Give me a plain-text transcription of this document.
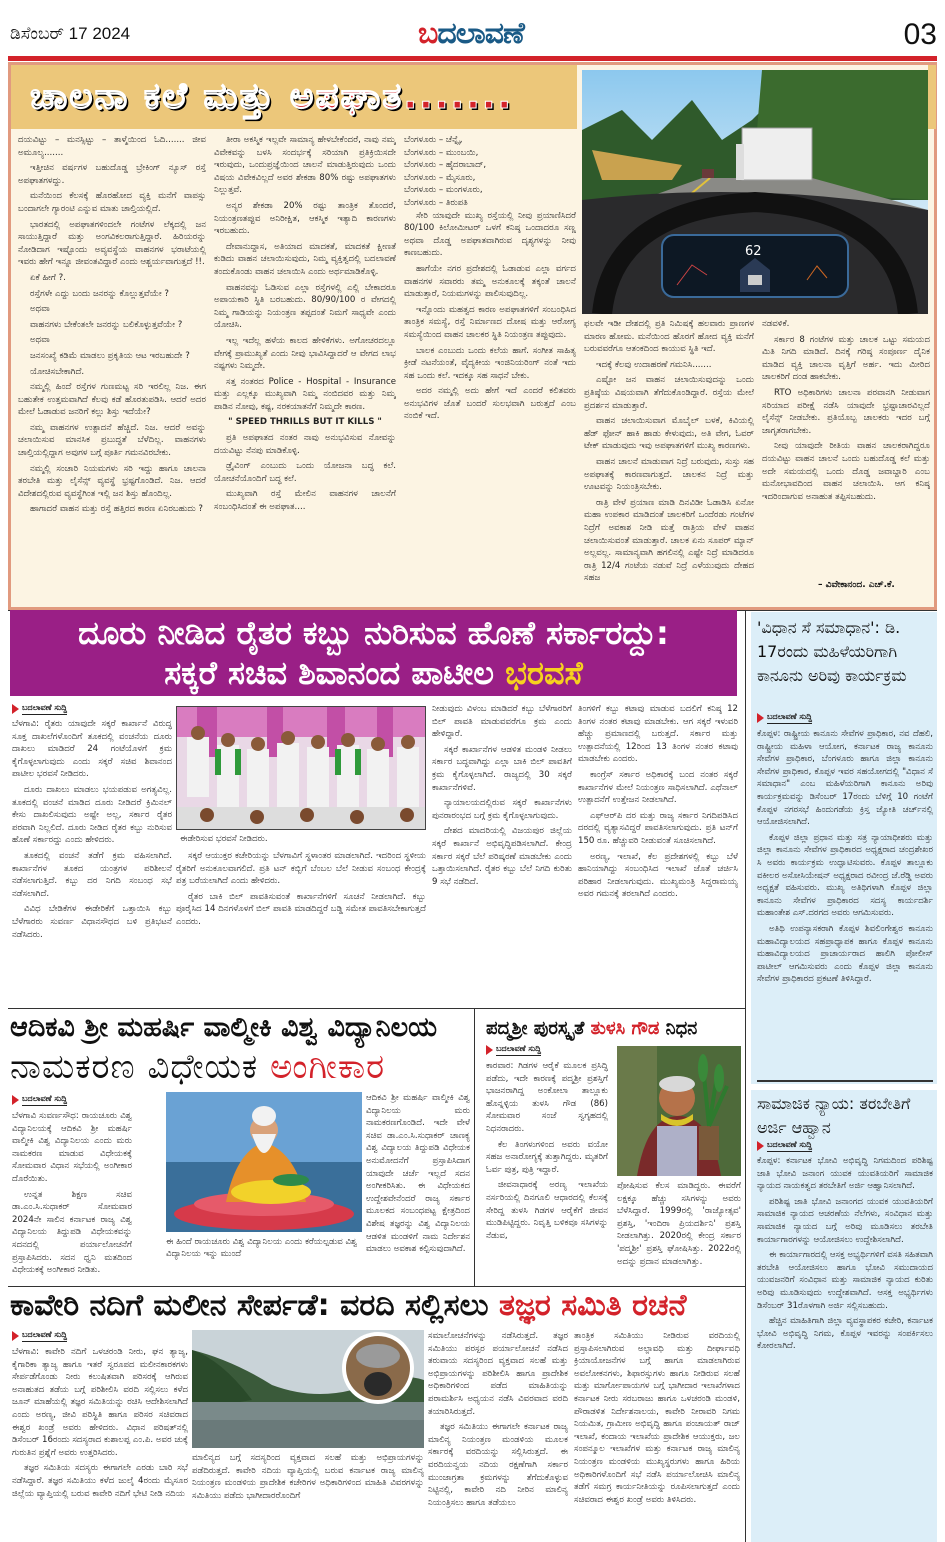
ಡಿಸೆಂಬರ್ 17 2024	ಬದಲಾವಣೆ	03
ಚಾಲನಾ ಕಲೆ ಮತ್ತು ಅಪಘಾತ.......
62

ದಯವಿಟ್ಟು – ಮನಸ್ಸಿಟ್ಟು – ತಾಳ್ಮೆಯಿಂದ ಓದಿ....... ಜೀವ ಅಮೂಲ್ಯ.......

ಇತ್ತೀಚಿನ ವರ್ಷಗಳ ಬಹುದೊಡ್ಡ ಬ್ರೇಕಿಂಗ್ ನ್ಯೂಸ್ ರಸ್ತೆ ಅಪಘಾತಗಳದ್ದು.

ಮನೆಯಿಂದ ಕೆಲಸಕ್ಕೆ ಹೊರಹೋದ ವ್ಯಕ್ತಿ ಮನೆಗೆ ವಾಪಸ್ಸು ಬಂದಾಗಲೇ ಗ್ಯಾರಂಟಿ ಎನ್ನುವ ಮಾತು ಚಾಲ್ತಿಯಲ್ಲಿದೆ.

ಭಾರತದಲ್ಲಿ ಅಪಘಾತಗಳಿಂದಲೇ ಗಂಟೆಗಳ ಲೆಕ್ಕದಲ್ಲಿ ಜನ ಸಾಯುತ್ತಿದ್ದಾರೆ ಮತ್ತು ಅಂಗವಿಕಲರಾಗುತ್ತಿದ್ದಾರೆ. ಹಿರಿಯರನ್ನು ನೋಡಿದಾಗ ಇಷ್ಟೊಂದು ಅವ್ಯವಸ್ಥೆಯ ವಾಹನಗಳ ಭರಾಟೆಯಲ್ಲಿ ಇವರು ಹೇಗೆ ಇನ್ನೂ ಜೀವಂತವಿದ್ದಾರೆ ಎಂದು ಆಶ್ಚರ್ಯವಾಗುತ್ತದೆ !!.

ಏಕೆ ಹೀಗೆ ?.

ರಸ್ತೆಗಳೇ ಎದ್ದು ಬಂದು ಜನರನ್ನು ಕೊಲ್ಲುತ್ತವೆಯೇ ?

ಅಥವಾ

ವಾಹನಗಳು ಬೇಕೆಂತಲೇ ಜನರನ್ನು ಬಲಿಕೊಳ್ಳುತ್ತವೆಯೇ ?

ಅಥವಾ

ಜನಸಂಖ್ಯೆ ಕಡಿಮೆ ಮಾಡಲು ಪ್ರಕೃತಿಯ ಆಟ ಇರಬಹುದೇ ?

ಯೋಚಿಸಬೇಕಾಗಿದೆ.

ನಮ್ಮಲ್ಲಿ ಹಿಂದೆ ರಸ್ತೆಗಳ ಗುಣಮಟ್ಟ ಸರಿ ಇರಲಿಲ್ಲ ನಿಜ. ಈಗ ಬಹುತೇಕ ಉತ್ತಮವಾಗಿದೆ ಕೆಲವು ಕಡೆ ಹೊರತುಪಡಿಸಿ. ಆದರೆ ಅದರ ಮೇಲೆ ಓಡಾಡುವ ಜನರಿಗೆ ಕಲ್ಲು ಶಿಸ್ತು ಇದೆಯೇ?

ನಮ್ಮ ವಾಹನಗಳ ಉತ್ಪಾದನೆ ಹೆಚ್ಚಿದೆ. ನಿಜ. ಆದರೆ ಅವನ್ನು ಚಲಾಯಿಸುವ ಮಾನಸಿಕ ಪ್ರಬುದ್ಧತೆ ಬೆಳೆದಿಲ್ಲ. ವಾಹನಗಳು ಚಾಲ್ತಿಯಲ್ಲಿದ್ದಾಗ ಅವುಗಳ ಬಗ್ಗೆ ಪೂರ್ತಿ ಗಮನವಿರಬೇಕು.

ನಮ್ಮಲ್ಲಿ ಸಂಚಾರಿ ನಿಯಮಗಳು ಸರಿ ಇದ್ದು ಹಾಗೂ ಚಾಲನಾ ತರಬೇತಿ ಮತ್ತು ಲೈಸೆನ್ಸ್ ವ್ಯವಸ್ಥೆ ಭ್ರಷ್ಟಗೊಂಡಿದೆ. ನಿಜ. ಆದರೆ ವಿದೇಶದಲ್ಲಿರುವ ವ್ಯವಸ್ಥೆಗಿಂತ ಇಲ್ಲಿ ಜನ ಶಿಸ್ತು ಹೊಂದಿಲ್ಲ.

ಹಾಗಾದರೆ ವಾಹನ ಮತ್ತು ರಸ್ತೆ ಹತ್ತಿರದ ಕಾರಣ ಏನಿರಬಹುದು ?

ತೀರಾ ಅಕಸ್ಮಿಕ ಇಲ್ಲವೇ ಸಾಮಾನ್ಯ ಹೇಳಬೇಕೆಂದರೆ, ನಾವು ನಮ್ಮ ವಿವೇಕವನ್ನು ಬಳಸಿ ಸಂದರ್ಭಕ್ಕೆ ಸರಿಯಾಗಿ ಪ್ರತಿಕ್ರಿಯಿಸದೇ ಇರುವುದು, ಒಂದುಪ್ರಜ್ಞೆಯಿಂದ ಚಾಲನೆ ಮಾಡುತ್ತಿರುವುದು ಒಂದು ವಿಷಯ ವಿವೇಕವಿಲ್ಲದೆ ಅವರ ಶೇಕಡಾ 80% ರಷ್ಟು ಅಪಘಾತಗಳು ನಿಲ್ಲುತ್ತವೆ.

ಅನ್ಯರ ಶೇಕಡಾ 20% ರಷ್ಟು ತಾಂತ್ರಿಕ ತೊಂದರೆ, ನಿಯಂತ್ರಣತಪ್ಪುವ ಅನಿರೀಕ್ಷಿತ, ಆಕಸ್ಮಿಕ ಇತ್ಯಾದಿ ಕಾರಣಗಳು ಇರಬಹುದು.

ದೇವಾನುದ್ದಾಸ, ಅತಿಯಾದ ಮಾದಕತೆ, ಮಾದಕತೆ ಕ್ಷೀಣತೆ ಕುಡಿದು ವಾಹನ ಚಲಾಯಿಸುವುದು, ನಿಮ್ಮ ವ್ಯಕ್ತಿತ್ವದಲ್ಲಿ ಬದಲಾವಣೆ ತಂದುಕೊಂಡು ವಾಹನ ಚಲಾಯಿಸಿ ಎಂದು ಅರ್ಥಮಾಡಿಕೊಳ್ಳಿ.

ವಾಹನವನ್ನು ಓಡಿಸುವ ಎಲ್ಲಾ ರಸ್ತೆಗಳಲ್ಲಿ ಎಲ್ಲಿ ಬೇಕಾದರೂ ಅಪಾಯಕಾರಿ ಸ್ಥಿತಿ ಬರಬಹುದು. 80/90/100 ರ ವೇಗದಲ್ಲಿ ನಿಮ್ಮ ಗಾಡಿಯನ್ನು ನಿಯಂತ್ರಣ ತಪ್ಪದಂತೆ ನಿಮಗೆ ಸಾಧ್ಯವೇ ಎಂದು ಯೋಚಿಸಿ.

ಇಲ್ಲ ಇದೆಲ್ಲ ಹಳೆಯ ಕಾಲದ ಹೇಳಿಕೆಗಳು. ಅಗೋಚರದಲ್ಲೂ ವೇಗಕ್ಕೆ ಪ್ರಾಮುಖ್ಯತೆ ಎಂದು ನೀವು ಭಾವಿಸಿದ್ದಾದರೆ ಆ ವೇಗದ ಲಾಭ ನಷ್ಟಗಳು ನಿಮ್ಮದೇ.

ಸತ್ತ ನಂತರದ Police - Hospital - Insurance ಮತ್ತು ಎಲ್ಲಕ್ಕೂ ಮುಖ್ಯವಾಗಿ ನಿಮ್ಮ ನಂಬಿದವರ ಮತ್ತು ನಿಮ್ಮ ಪಾಡಿನ ನೋವು, ಕಷ್ಟ, ನರಕಯಾತನೆಗೆ ನಿಮ್ಮದೇ ಕಾರಣ.

" SPEED THRILLS BUT IT KILLS "

ಪ್ರತಿ ಅಪಘಾತದ ನಂತರ ನಾವು ಅನುಭವಿಸುವ ನೋವನ್ನು ದಯವಿಟ್ಟು ನೆನಪು ಮಾಡಿಕೊಳ್ಳಿ.

ಡ್ರೈವಿಂಗ್ ಎಂಬುದು ಒಂದು ಯೋಜನಾ ಬದ್ಧ ಕಲೆ. ಯೋಚನೆಯೊಂದಿಗೆ ಬದ್ಧ ಕಲೆ.

ಮುಖ್ಯವಾಗಿ ರಸ್ತೆ ಮೇಲಿನ ವಾಹನಗಳ ಚಾಲನೆಗೆ ಸಂಬಂಧಿಸಿದಂತೆ ಈ ಅಪಘಾತ....

ಬೆಂಗಳೂರು – ಚೆನ್ನೈ,

ಬೆಂಗಳೂರು – ಮುಂಬಯಿ,

ಬೆಂಗಳೂರು – ಹೈದರಾಬಾದ್,

ಬೆಂಗಳೂರು – ಮೈಸೂರು,

ಬೆಂಗಳೂರು – ಮಂಗಳೂರು,

ಬೆಂಗಳೂರು – ತಿರುಪತಿ

ಸೇರಿ ಯಾವುದೇ ಮುಖ್ಯ ರಸ್ತೆಯಲ್ಲಿ ನೀವು ಪ್ರಯಾಣಿಸಿದರೆ 80/100 ಕಿಲೋಮೀಟರ್ ಒಳಗೆ ಕನಿಷ್ಠ ಒಂದಾದರೂ ಸಣ್ಣ ಅಥವಾ ದೊಡ್ಡ ಅಪಘಾತವಾಗಿರುವ ದೃಶ್ಯಗಳನ್ನು ನೀವು ಕಾಣಬಹುದು.

ಹಾಗೆಯೇ ನಗರ ಪ್ರದೇಶದಲ್ಲಿ ಓಡಾಡುವ ಎಲ್ಲಾ ವರ್ಗದ ವಾಹನಗಳ ಸವಾರರು ತಮ್ಮ ಅನುಕೂಲಕ್ಕೆ ತಕ್ಕಂತೆ ಚಾಲನೆ ಮಾಡುತ್ತಾರೆ, ನಿಯಮಗಳನ್ನು ಪಾಲಿಸುವುದಿಲ್ಲ.

ಇನ್ನೊಂದು ಮಹತ್ವದ ಕಾರಣ ಅಪಘಾತಗಳಿಗೆ ಸಂಬಂಧಿಸಿದ ತಾಂತ್ರಿಕ ಸಮಸ್ಯೆ, ರಸ್ತೆ ನಿರ್ಮಾಣದ ದೋಷ ಮತ್ತು ಆರೋಗ್ಯ ಸಮಸ್ಯೆಯಿಂದ ವಾಹನ ಚಾಲಕರ ಸ್ಥಿತಿ ನಿಯಂತ್ರಣ ತಪ್ಪುವುದು.

ಬಾಲಕ ಎಂಬುದು ಒಂದು ಕಲೆಯ ಹಾಗೆ. ಸಂಗೀತ ಸಾಹಿತ್ಯ ಕ್ರೀಡೆ ನಟನೆಯಂತೆ, ವೈದ್ಯಕೀಯ ಇಂಜಿನಿಯರಿಂಗ್ ನಂತೆ ಇದು ಸಹ ಒಂದು ಕಲೆ. ಇದಕ್ಕೂ ಸಹ ಸಾಧನೆ ಬೇಕು.

ಅದರ ನಮ್ಮಲ್ಲಿ ಅದು ಹೇಗೆ ಇದೆ ಎಂದರೆ ಕಲಿತವರು ಅನುಭವಿಗಳ ಜೊತೆ ಬಂದರೆ ಸುಲಭವಾಗಿ ಬರುತ್ತದೆ ಎಂಬ ನಂಬಿಕೆ ಇದೆ.

ಫಲವೇ ಇಡೀ ದೇಶದಲ್ಲಿ ಪ್ರತಿ ನಿಮಿಷಕ್ಕೆ ಹಲವಾರು ಪ್ರಾಣಗಳ ಮಾರಣ ಹೋಮ. ಮನೆಯಿಂದ ಹೊರಗೆ ಹೋದ ವ್ಯಕ್ತಿ ಮನೆಗೆ ಬರುವವರೆಗೂ ಆತಂಕದಿಂದ ಕಾಯುವ ಸ್ಥಿತಿ ಇದೆ.

ಇದಕ್ಕೆ ಕೆಲವು ಉದಾಹರಣೆ ಗಮನಿಸಿ.......

ಎಷ್ಟೋ ಜನ ವಾಹನ ಚಲಾಯಿಸುವುದನ್ನು ಒಂದು ಪ್ರತಿಷ್ಠೆಯ ವಿಷಯವಾಗಿ ತೆಗೆದುಕೊಂಡಿದ್ದಾರೆ. ರಸ್ತೆಯ ಮೇಲೆ ಪ್ರದರ್ಶನ ಮಾಡುತ್ತಾರೆ.

ವಾಹನ ಚಲಾಯಿಸುವಾಗ ಮೊಬೈಲ್ ಬಳಕೆ, ಕಿವಿಯಲ್ಲಿ ಹೆಡ್ ಫೋನ್ ಹಾಕಿ ಹಾಡು ಕೇಳುವುದು, ಅತಿ ವೇಗ, ಓವರ್ ಟೇಕ್ ಮಾಡುವುದು ಇವು ಅಪಘಾತಗಳಿಗೆ ಮುಖ್ಯ ಕಾರಣಗಳು.

ವಾಹನ ಚಾಲನೆ ಮಾಡುವಾಗ ನಿದ್ರೆ ಬರುವುದು, ಸುಸ್ತು ಸಹ ಅಪಘಾತಕ್ಕೆ ಕಾರಣವಾಗುತ್ತದೆ. ಚಾಲಕನ ನಿದ್ರೆ ಮತ್ತು ಊಟವನ್ನು ನಿಯಂತ್ರಿಸಬೇಕು.

ರಾತ್ರಿ ವೇಳೆ ಪ್ರಯಾಣ ಮಾಡಿ ದಿನವಿಡೀ ಓಡಾಡಿಸಿ ಏನೋ ಮಹಾ ಉಪಕಾರ ಮಾಡಿದಂತೆ ಚಾಲಕರಿಗೆ ಒಂದೆರಡು ಗಂಟೆಗಳ ನಿದ್ರೆಗೆ ಅವಕಾಶ ನೀಡಿ ಮತ್ತೆ ರಾತ್ರಿಯ ವೇಳೆ ವಾಹನ ಚಲಾಯಿಸುವಂತೆ ಮಾಡುತ್ತಾರೆ. ಚಾಲಕ ಏನು ಸೂಪರ್ ಮ್ಯಾನ್ ಅಲ್ಲವಲ್ಲ. ಸಾಮಾನ್ಯವಾಗಿ ಹಗಲಿನಲ್ಲಿ ಎಷ್ಟೇ ನಿದ್ರೆ ಮಾಡಿದರೂ ರಾತ್ರಿ 12/4 ಗಂಟೆಯ ನಡುವೆ ನಿದ್ರೆ ಎಳೆಯುವುದು ದೇಹದ ಸಹಜ

ನಡವಳಿಕೆ.

ಸರ್ಕಾರ 8 ಗಂಟೆಗಳ ಮತ್ತು ಚಾಲಕ ಒಟ್ಟು ಸಮಯದ ಮಿತಿ ನಿಗದಿ ಮಾಡಿದೆ. ದಿನಕ್ಕೆ ಗರಿಷ್ಠ ಸಂಪೂರ್ಣ ದೈನಿಕ ಮಾಡಿದ ವ್ಯಕ್ತಿ ಚಾಲನಾ ವೃತ್ತಿಗೆ ಅರ್ಹ. ಇದು ಮೀರಿದ ಚಾಲಕರಿಗೆ ದಂಡ ಹಾಕಬೇಕು.

RTO ಅಧಿಕಾರಿಗಳು ಚಾಲನಾ ಪರವಾನಗಿ ನೀಡುವಾಗ ಸರಿಯಾದ ಪರೀಕ್ಷೆ ನಡೆಸಿ ಯಾವುದೇ ಭ್ರಷ್ಟಾಚಾರವಿಲ್ಲದೆ ಲೈಸೆನ್ಸ್ ನೀಡಬೇಕು. ಪ್ರತಿಯೊಬ್ಬ ಚಾಲಕರು ಇದರ ಬಗ್ಗೆ ಜಾಗೃತರಾಗಬೇಕು.

ನೀವು ಯಾವುದೇ ರೀತಿಯ ವಾಹನ ಚಾಲಕರಾಗಿದ್ದರೂ ದಯವಿಟ್ಟು ವಾಹನ ಚಾಲನೆ ಒಂದು ಬಹುದೊಡ್ಡ ಕಲೆ ಮತ್ತು ಅದೇ ಸಮಯದಲ್ಲಿ ಒಂದು ದೊಡ್ಡ ಜವಾಬ್ದಾರಿ ಎಂಬ ಮನೋಭಾವದಿಂದ ವಾಹನ ಚಲಾಯಿಸಿ. ಆಗ ಕನಿಷ್ಠ ಇದರಿಂದಾಗುವ ಅನಾಹುತ ತಪ್ಪಿಸಬಹುದು.

– ವಿವೇಕಾನಂದ. ಎಚ್.ಕೆ.
ದೂರು ನೀಡಿದ ರೈತರ ಕಬ್ಬು ನುರಿಸುವ ಹೊಣೆ ಸರ್ಕಾರದ್ದು:
ಸಕ್ಕರೆ ಸಚಿವ ಶಿವಾನಂದ ಪಾಟೀಲ ಭರವಸೆ
ಬದಲಾವಣೆ ಸುದ್ದಿ

ಬೆಳಗಾವಿ: ರೈತರು ಯಾವುದೇ ಸಕ್ಕರೆ ಕಾರ್ಖಾನೆ ವಿರುದ್ಧ ಸೂಕ್ತ ದಾಖಲೆಗಳೊಂದಿಗೆ ತೂಕದಲ್ಲಿ ವಂಚನೆಯ ದೂರು ದಾಖಲು ಮಾಡಿದರೆ 24 ಗಂಟೆಯೊಳಗೆ ಕ್ರಮ ಕೈಗೊಳ್ಳಲಾಗುವುದು ಎಂದು ಸಕ್ಕರೆ ಸಚಿವ ಶಿವಾನಂದ ಪಾಟೀಲ ಭರವಸೆ ನೀಡಿದರು.

ದೂರು ದಾಖಲು ಮಾಡಲು ಭಯಪಡುವ ಅಗತ್ಯವಿಲ್ಲ. ತೂಕದಲ್ಲಿ ವಂಚನೆ ಮಾಡಿದ ದೂರು ನೀಡಿದರೆ ಕ್ರಿಮಿನಲ್ ಕೇಸು ದಾಖಲಿಸುವುದು ಅಷ್ಟೇ ಅಲ್ಲ, ಸರ್ಕಾರ ರೈತರ ಪರವಾಗಿ ನಿಲ್ಲಲಿದೆ. ದೂರು ನೀಡಿದ ರೈತರ ಕಬ್ಬು ನುರಿಸುವ ಹೊಣೆ ಸರ್ಕಾರದ್ದು ಎಂದು ಹೇಳಿದರು.

ತೂಕದಲ್ಲಿ ವಂಚನೆ ತಡೆಗೆ ಕ್ರಮ ವಹಿಸಲಾಗಿದೆ. ಕಾರ್ಖಾನೆಗಳ ತೂಕದ ಯಂತ್ರಗಳ ಪರಿಶೀಲನೆ ನಡೆಸಲಾಗುತ್ತಿದೆ. ಕಬ್ಬು ದರ ನಿಗದಿ ಸಂಬಂಧ ಸಭೆ ನಡೆಸಲಾಗಿದೆ.

ವಿವಿಧ ಬೇಡಿಕೆಗಳ ಈಡೇರಿಕೆಗೆ ಒತ್ತಾಯಿಸಿ ಕಬ್ಬು ಬೆಳೆಗಾರರು ಸುವರ್ಣ ವಿಧಾನಸೌಧದ ಬಳಿ ಪ್ರತಿಭಟನೆ ನಡೆಸಿದರು.

ಈಡೇರಿಸುವ ಭರವಸೆ ನೀಡಿದರು.

ಸಕ್ಕರೆ ಆಯುಕ್ತರ ಕಚೇರಿಯನ್ನು ಬೆಳಗಾವಿಗೆ ಸ್ಥಳಾಂತರ ಮಾಡಲಾಗಿದೆ. ಇದರಿಂದ ಸ್ಥಳೀಯ ರೈತರಿಗೆ ಅನುಕೂಲವಾಗಲಿದೆ. ಪ್ರತಿ ಟನ್ ಕಬ್ಬಿಗೆ ಬೆಂಬಲ ಬೆಲೆ ನೀಡುವ ಸಂಬಂಧ ಕೇಂದ್ರಕ್ಕೆ ಪತ್ರ ಬರೆಯಲಾಗಿದೆ ಎಂದು ಹೇಳಿದರು.

ರೈತರ ಬಾಕಿ ಬಿಲ್ ಪಾವತಿಸುವಂತೆ ಕಾರ್ಖಾನೆಗಳಿಗೆ ಸೂಚನೆ ನೀಡಲಾಗಿದೆ. ಕಬ್ಬು ಪೂರೈಸಿದ 14 ದಿನಗಳೊಳಗೆ ಬಿಲ್ ಪಾವತಿ ಮಾಡದಿದ್ದರೆ ಬಡ್ಡಿ ಸಮೇತ ಪಾವತಿಸಬೇಕಾಗುತ್ತದೆ ಎಂದರು.

ನೀಡುವುದು ವಿಳಂಬ ಮಾಡಿದರೆ ಕಬ್ಬು ಬೆಳೆಗಾರರಿಗೆ ಬಿಲ್ ಪಾವತಿ ಮಾಡುವವರೆಗೂ ಕ್ರಮ ಎಂದು ಹೇಳಿದ್ದಾರೆ.

ಸಕ್ಕರೆ ಕಾರ್ಖಾನೆಗಳ ಆಡಳಿತ ಮಂಡಳಿ ನೀಡಲು ಸರ್ಕಾರ ಬದ್ಧವಾಗಿದ್ದು ಎಲ್ಲಾ ಬಾಕಿ ಬಿಲ್ ಪಾವತಿಗೆ ಕ್ರಮ ಕೈಗೊಳ್ಳಲಾಗಿದೆ. ರಾಜ್ಯದಲ್ಲಿ 30 ಸಕ್ಕರೆ ಕಾರ್ಖಾನೆಗಳಿವೆ.

ನ್ಯಾಯಾಲಯದಲ್ಲಿರುವ ಸಕ್ಕರೆ ಕಾರ್ಖಾನೆಗಳು ಪುನರಾರಂಭದ ಬಗ್ಗೆ ಕ್ರಮ ಕೈಗೊಳ್ಳಲಾಗುವುದು.

ದೇಶದ ಮಾದರಿಯಲ್ಲಿ ವಿಜಯಪುರ ಜಿಲ್ಲೆಯ ಸಕ್ಕರೆ ಕಾರ್ಖಾನೆ ಅಭಿವೃದ್ಧಿಪಡಿಸಲಾಗಿದೆ. ಕೇಂದ್ರ ಸರ್ಕಾರ ಸಕ್ಕರೆ ಬೆಲೆ ಪರಿಷ್ಕರಣೆ ಮಾಡಬೇಕು ಎಂದು ಒತ್ತಾಯಿಸಲಾಗಿದೆ. ರೈತರ ಕಬ್ಬು ಬೆಲೆ ನಿಗದಿ ಕುರಿತು 9 ಸಭೆ ನಡೆದಿದೆ.

ತಿಂಗಳಿಗೆ ಕಬ್ಬು ಕಟಾವು ಮಾಡುವ ಬದಲಿಗೆ ಕನಿಷ್ಠ 12 ತಿಂಗಳ ನಂತರ ಕಟಾವು ಮಾಡಬೇಕು. ಆಗ ಸಕ್ಕರೆ ಇಳುವರಿ ಹೆಚ್ಚು ಪ್ರಮಾಣದಲ್ಲಿ ಬರುತ್ತದೆ. ಸರ್ಕಾರ ಮತ್ತು ಉತ್ಪಾದನೆಯಲ್ಲಿ 12ರಿಂದ 13 ತಿಂಗಳ ನಂತರ ಕಟಾವು ಮಾಡಬೇಕು ಎಂದರು.

ಕಾಂಗ್ರೆಸ್ ಸರ್ಕಾರ ಅಧಿಕಾರಕ್ಕೆ ಬಂದ ನಂತರ ಸಕ್ಕರೆ ಕಾರ್ಖಾನೆಗಳ ಮೇಲೆ ನಿಯಂತ್ರಣ ಸಾಧಿಸಲಾಗಿದೆ. ಎಥೆನಾಲ್ ಉತ್ಪಾದನೆಗೆ ಉತ್ತೇಜನ ನೀಡಲಾಗಿದೆ.

ಎಫ್‌ಆರ್‌ಪಿ ದರ ಮತ್ತು ರಾಜ್ಯ ಸರ್ಕಾರ ನಿಗದಿಪಡಿಸಿದ ದರದಲ್ಲಿ ವ್ಯತ್ಯಾಸವಿದ್ದರೆ ಪಾವತಿಸಲಾಗುವುದು. ಪ್ರತಿ ಟನ್‌ಗೆ 150 ರೂ. ಹೆಚ್ಚುವರಿ ನೀಡುವಂತೆ ಸೂಚಿಸಲಾಗಿದೆ.

ಅರಣ್ಯ, ಇಲಾಖೆ, ಕೆಲ ಪ್ರದೇಶಗಳಲ್ಲಿ ಕಬ್ಬು ಬೆಳೆ ಹಾನಿಯಾಗಿದ್ದು ಸಂಬಂಧಿಸಿದ ಇಲಾಖೆ ಜೊತೆ ಚರ್ಚಿಸಿ ಪರಿಹಾರ ನೀಡಲಾಗುವುದು. ಮುಖ್ಯಮಂತ್ರಿ ಸಿದ್ದರಾಮಯ್ಯ ಅವರ ಗಮನಕ್ಕೆ ತರಲಾಗಿದೆ ಎಂದರು.

'ವಿಧಾನ ಸೆ ಸಮಾಧಾನ': ಡಿ. 17ರಂದು ಮಹಿಳೆಯರಿಗಾಗಿ ಕಾನೂನು ಅರಿವು ಕಾರ್ಯಕ್ರಮ
ಬದಲಾವಣೆ ಸುದ್ದಿ

ಕೊಪ್ಪಳ: ರಾಷ್ಟ್ರೀಯ ಕಾನೂನು ಸೇವೆಗಳ ಪ್ರಾಧಿಕಾರ, ನವ ದೆಹಲಿ, ರಾಷ್ಟ್ರೀಯ ಮಹಿಳಾ ಆಯೋಗ, ಕರ್ನಾಟಕ ರಾಜ್ಯ ಕಾನೂನು ಸೇವೆಗಳ ಪ್ರಾಧಿಕಾರ, ಬೆಂಗಳೂರು ಹಾಗೂ ಜಿಲ್ಲಾ ಕಾನೂನು ಸೇವೆಗಳ ಪ್ರಾಧಿಕಾರ, ಕೊಪ್ಪಳ ಇವರ ಸಹಯೋಗದಲ್ಲಿ "ವಿಧಾನ ಸೆ ಸಮಾಧಾನ" ಎಂಬ ಮಹಿಳೆಯರಿಗಾಗಿ ಕಾನೂನು ಅರಿವು ಕಾರ್ಯಕ್ರಮವನ್ನು ಡಿಸೆಂಬರ್ 17ರಂದು ಬೆಳಿಗ್ಗೆ 10 ಗಂಟೆಗೆ ಕೊಪ್ಪಳ ನಗರಸಭೆ ಹಿಂದುಗಡೆಯ ಕ್ರಿಸ್ತ ಜ್ಯೋತಿ ಚರ್ಚ್‌ನಲ್ಲಿ ಆಯೋಜಿಸಲಾಗಿದೆ.

ಕೊಪ್ಪಳ ಜಿಲ್ಲಾ ಪ್ರಧಾನ ಮತ್ತು ಸತ್ರ ನ್ಯಾಯಾಧೀಶರು ಮತ್ತು ಜಿಲ್ಲಾ ಕಾನೂನು ಸೇವೆಗಳ ಪ್ರಾಧಿಕಾರದ ಅಧ್ಯಕ್ಷರಾದ ಚಂದ್ರಶೇಖರ ಸಿ ಅವರು ಕಾರ್ಯಕ್ರಮ ಉದ್ಘಾಟಿಸುವರು. ಕೊಪ್ಪಳ ತಾಲ್ಲೂಕು ವಕೀಲರ ಅಸೋಸಿಯೇಷನ್ ಅಧ್ಯಕ್ಷರಾದ ರವೀಂದ್ರ ಜೆ.ರೆಡ್ಡಿ ಅವರು ಅಧ್ಯಕ್ಷತೆ ವಹಿಸುವರು. ಮುಖ್ಯ ಅತಿಥಿಗಳಾಗಿ ಕೊಪ್ಪಳ ಜಿಲ್ಲಾ ಕಾನೂನು ಸೇವೆಗಳ ಪ್ರಾಧಿಕಾರದ ಸದಸ್ಯ ಕಾರ್ಯದರ್ಶಿ ಮಹಾಂತೇಶ ಎಸ್.ದರಗದ ಅವರು ಆಗಮಿಸುವರು.

ಅತಿಥಿ ಉಪನ್ಯಾಸಕರಾಗಿ ಕೊಪ್ಪಳ ಶಿವಲಿಂಗೇಶ್ವರ ಕಾನೂನು ಮಹಾವಿದ್ಯಾಲಯದ ಸಹಪ್ರಾಧ್ಯಾಪಕ ಹಾಗೂ ಕೊಪ್ಪಳ ಕಾನೂನು ಮಹಾವಿದ್ಯಾಲಯದ ಪ್ರಾಚಾರ್ಯರಾದ ಹಾಲಿಗಿ ಪೋಲೀಸ್ ಪಾಟೀಲ್ ಆಗಮಿಸುವರು ಎಂದು ಕೊಪ್ಪಳ ಜಿಲ್ಲಾ ಕಾನೂನು ಸೇವೆಗಳ ಪ್ರಾಧಿಕಾರದ ಪ್ರಕಟಣೆ ತಿಳಿಸಿದ್ದಾರೆ.

ಸಾಮಾಜಿಕ ನ್ಯಾಯ: ತರಬೇತಿಗೆ ಅರ್ಜಿ ಆಹ್ವಾನ
ಬದಲಾವಣೆ ಸುದ್ದಿ

ಕೊಪ್ಪಳ: ಕರ್ನಾಟಕ ಭೋವಿ ಅಭಿವೃದ್ಧಿ ನಿಗಮದಿಂದ ಪರಿಶಿಷ್ಟ ಜಾತಿ ಭೋವಿ ಜನಾಂಗ ಯುವಕ ಯುವತಿಯರಿಗೆ ಸಾಮಾಜಿಕ ನ್ಯಾಯದ ನಾಯಕತ್ವದ ತರಬೇತಿಗೆ ಅರ್ಜಿ ಆಹ್ವಾನಿಸಲಾಗಿದೆ.

ಪರಿಶಿಷ್ಟ ಜಾತಿ ಭೋವಿ ಜನಾಂಗದ ಯುವಕ ಯುವತಿಯರಿಗೆ ಸಾಮಾಜಿಕ ನ್ಯಾಯದ ಆಚರಣೆಯ ನೆಲೆಗಳು, ಸಂವಿಧಾನ ಮತ್ತು ಸಾಮಾಜಿಕ ನ್ಯಾಯದ ಬಗ್ಗೆ ಅರಿವು ಮೂಡಿಸಲು ತರಬೇತಿ ಕಾರ್ಯಾಗಾರಗಳನ್ನು ಆಯೋಜಿಸಲು ಉದ್ದೇಶಿಸಲಾಗಿದೆ.

ಈ ಕಾರ್ಯಾಗಾರದಲ್ಲಿ ಆಸಕ್ತ ಅಭ್ಯರ್ಥಿಗಳಿಗೆ ವಸತಿ ಸಹಿತವಾಗಿ ತರಬೇತಿ ಆಯೋಜಿಸಲು ಹಾಗೂ ಭೋವಿ ಸಮುದಾಯದ ಯುವಜನರಿಗೆ ಸಂವಿಧಾನ ಮತ್ತು ಸಾಮಾಜಿಕ ನ್ಯಾಯದ ಕುರಿತು ಅರಿವು ಮೂಡಿಸುವುದು ಉದ್ದೇಶವಾಗಿದೆ. ಆಸಕ್ತ ಅಭ್ಯರ್ಥಿಗಳು ಡಿಸೆಂಬರ್ 31ರೊಳಗಾಗಿ ಅರ್ಜಿ ಸಲ್ಲಿಸಬಹುದು.

ಹೆಚ್ಚಿನ ಮಾಹಿತಿಗಾಗಿ ಜಿಲ್ಲಾ ವ್ಯವಸ್ಥಾಪಕರ ಕಚೇರಿ, ಕರ್ನಾಟಕ ಭೋವಿ ಅಭಿವೃದ್ಧಿ ನಿಗಮ, ಕೊಪ್ಪಳ ಇವರನ್ನು ಸಂಪರ್ಕಿಸಲು ಕೋರಲಾಗಿದೆ.

ಆದಿಕವಿ ಶ್ರೀ ಮಹರ್ಷಿ ವಾಲ್ಮೀಕಿ ವಿಶ್ವ ವಿದ್ಯಾನಿಲಯ
ನಾಮಕರಣ ವಿಧೇಯಕ ಅಂಗೀಕಾರ
ಬದಲಾವಣೆ ಸುದ್ದಿ

ಬೆಳಗಾವಿ ಸುವರ್ಣಸೌಧ: ರಾಯಚೂರು ವಿಶ್ವ ವಿದ್ಯಾನಿಲಯಕ್ಕೆ ಆದಿಕವಿ ಶ್ರೀ ಮಹರ್ಷಿ ವಾಲ್ಮೀಕಿ ವಿಶ್ವ ವಿದ್ಯಾನಿಲಯ ಎಂದು ಮರು ನಾಮಕರಣ ಮಾಡುವ ವಿಧೇಯಕಕ್ಕೆ ಸೋಮವಾರ ವಿಧಾನ ಸಭೆಯಲ್ಲಿ ಅಂಗೀಕಾರ ದೊರೆಯಿತು.

ಉನ್ನತ ಶಿಕ್ಷಣ ಸಚಿವ ಡಾ.ಎಂ.ಸಿ.ಸುಧಾಕರ್ ಸೋಮವಾರ 2024ನೇ ಸಾಲಿನ ಕರ್ನಾಟಕ ರಾಜ್ಯ ವಿಶ್ವ ವಿದ್ಯಾನಿಲಯ ತಿದ್ದುಪಡಿ ವಿಧೇಯಕವನ್ನು ಸದನದಲ್ಲಿ ಪರ್ಯಾಲೋಚನೆಗೆ ಪ್ರಸ್ತಾಪಿಸಿದರು. ಸದನ ಧ್ವನಿ ಮತದಿಂದ ವಿಧೇಯಕಕ್ಕೆ ಅಂಗೀಕಾರ ನೀಡಿತು.

ಈ ಹಿಂದೆ ರಾಯಚೂರು ವಿಶ್ವ ವಿದ್ಯಾನಿಲಯ ಎಂದು ಕರೆಯಲ್ಪಡುವ ವಿಶ್ವ ವಿದ್ಯಾನಿಲಯ ಇನ್ನು ಮುಂದೆ

ಆದಿಕವಿ ಶ್ರೀ ಮಹರ್ಷಿ ವಾಲ್ಮೀಕಿ ವಿಶ್ವ ವಿದ್ಯಾನಿಲಯ ಮರು ನಾಮಕರಣಗೊಂಡಿದೆ. ಇದೇ ವೇಳೆ ಸಚಿವ ಡಾ.ಎಂ.ಸಿ.ಸುಧಾಕರ್ ಚಾಣಕ್ಯ ವಿಶ್ವ ವಿದ್ಯಾಲಯ ತಿದ್ದುಪಡಿ ವಿಧೇಯಕ ಅನುಮೋದನೆಗೆ ಪ್ರಸ್ತಾಪಿಸಿದಾಗ ಯಾವುದೇ ಚರ್ಚೆ ಇಲ್ಲದೆ ಸದನ ಅಂಗೀಕರಿಸಿತು. ಈ ವಿಧೇಯಕದ ಉದ್ದೇಶವೇನೆಂದರೆ ರಾಜ್ಯ ಸರ್ಕಾರ ಮೂಲಕದ ಸಂಬಂಧಪಟ್ಟ ಕ್ಷೇತ್ರದಿಂದ ವಿಶೇಷ ತಜ್ಞರನ್ನು ವಿಶ್ವ ವಿದ್ಯಾನಿಲಯ ಆಡಳಿತ ಮಂಡಳಿಗೆ ನಾಮ ನಿರ್ದೇಶನ ಮಾಡಲು ಅವಕಾಶ ಕಲ್ಪಿಸುವುದಾಗಿದೆ.

ಪದ್ಮಶ್ರೀ ಪುರಸ್ಕೃತೆ ತುಳಸಿ ಗೌಡ ನಿಧನ
ಬದಲಾವಣೆ ಸುದ್ದಿ

ಕಾರವಾರ: ಗಿಡಗಳ ಆರೈಕೆ ಮೂಲಕ ಪ್ರಸಿದ್ಧಿ ಪಡೆದು, ಇದೇ ಕಾರಣಕ್ಕೆ ಪದ್ಮಶ್ರೀ ಪ್ರಶಸ್ತಿಗೆ ಭಾಜನರಾಗಿದ್ದ ಅಂಕೋಲಾ ತಾಲ್ಲೂಕು ಹೊನ್ನಳ್ಳಿಯ ತುಳಸಿ ಗೌಡ (86) ಸೋಮವಾರ ಸಂಜೆ ಸ್ವಗೃಹದಲ್ಲಿ ನಿಧನರಾದರು.

ಕೆಲ ತಿಂಗಳುಗಳಿಂದ ಅವರು ವಯೋ ಸಹಜ ಅನಾರೋಗ್ಯಕ್ಕೆ ತುತ್ತಾಗಿದ್ದರು. ಮೃತರಿಗೆ ಓರ್ವ ಪುತ್ರ, ಪುತ್ರಿ ಇದ್ದಾರೆ.

ಜೀವನಾಧಾರಕ್ಕೆ ಅರಣ್ಯ ಇಲಾಖೆಯ ನರ್ಸರಿಯಲ್ಲಿ ದಿನಗೂಲಿ ಆಧಾರದಲ್ಲಿ ಕೆಲಸಕ್ಕೆ ಸೇರಿದ್ದ ತುಳಸಿ ಗಿಡಗಳ ಆರೈಕೆಗೆ ಜೀವನ ಮುಡಿಪಿಟ್ಟಿದ್ದರು. ನಿವೃತ್ತಿ ಬಳಿಕವೂ ಸಸಿಗಳನ್ನು ನೆಡುವ,

ಪೋಷಿಸುವ ಕೆಲಸ ಮಾಡಿದ್ದರು. ಈವರೆಗೆ ಲಕ್ಷಕ್ಕೂ ಹೆಚ್ಚು ಸಸಿಗಳನ್ನು ಅವರು ಬೆಳೆಸಿದ್ದಾರೆ. 1999ರಲ್ಲಿ 'ರಾಜ್ಯೋತ್ಸವ' ಪ್ರಶಸ್ತಿ, 'ಇಂದಿರಾ ಪ್ರಿಯದರ್ಶಿನಿ' ಪ್ರಶಸ್ತಿ ನೀಡಲಾಗಿತ್ತು. 2020ರಲ್ಲಿ ಕೇಂದ್ರ ಸರ್ಕಾರ 'ಪದ್ಮಶ್ರೀ' ಪ್ರಶಸ್ತಿ ಘೋಷಿಸಿತ್ತು. 2022ರಲ್ಲಿ ಅದನ್ನು ಪ್ರದಾನ ಮಾಡಲಾಗಿತ್ತು.

ಕಾವೇರಿ ನದಿಗೆ ಮಲೀನ ಸೇರ್ಪಡೆ: ವರದಿ ಸಲ್ಲಿಸಲು ತಜ್ಞರ ಸಮಿತಿ ರಚನೆ
ಬದಲಾವಣೆ ಸುದ್ದಿ

ಬೆಳಗಾವಿ: ಕಾವೇರಿ ನದಿಗೆ ಒಳಚರಂಡಿ ನೀರು, ಘನ ತ್ಯಾಜ್ಯ, ಕೈಗಾರಿಕಾ ತ್ಯಾಜ್ಯ ಹಾಗೂ ಇತರೆ ಸ್ವರೂಪದ ಮಲೀನಕಾರಕಗಳು ಸೇರ್ಪಡೆಗೊಂಡು ನೀರು ಕಲುಷಿತವಾಗಿ ಪರಿಸರಕ್ಕೆ ಆಗಿರುವ ಅನಾಹುತದ ತಡೆಯ ಬಗ್ಗೆ ಪರಿಶೀಲಿಸಿ ವರದಿ ಸಲ್ಲಿಸಲು ಕಳೆದ ಜೂನ್ ಮಾಹೆಯಲ್ಲಿ ತಜ್ಞರ ಸಮಿತಿಯನ್ನು ರಚಿಸಿ ಆದೇಶಿಸಲಾಗಿದೆ ಎಂದು ಅರಣ್ಯ, ಜೀವಿ ಪರಿಸ್ಥಿತಿ ಹಾಗೂ ಪರಿಸರ ಸಚಿವರಾದ ಈಶ್ವರ ಖಂಡ್ರೆ ಅವರು ಹೇಳಿದರು. ವಿಧಾನ ಪರಿಷತ್‌ನಲ್ಲಿ ಡಿಸೆಂಬರ್ 16ರಂದು ಸದಸ್ಯರಾದ ಕುಶಾಲಪ್ಪ ಎಂ.ಪಿ. ಅವರ ಚುಕ್ಕೆ ಗುರುತಿನ ಪ್ರಶ್ನೆಗೆ ಅವರು ಉತ್ತರಿಸಿದರು.

ತಜ್ಞರ ಸಮಿತಿಯ ಸದಸ್ಯರು ಈಗಾಗಲೇ ಎರಡು ಬಾರಿ ಸಭೆ ನಡೆಸಿದ್ದಾರೆ. ತಜ್ಞರ ಸಮಿತಿಯು ಕಳೆದ ಜುಲೈ 4ರಂದು ಮೈಸೂರ ಜಿಲ್ಲೆಯ ವ್ಯಾಪ್ತಿಯಲ್ಲಿ ಬರುವ ಕಾವೇರಿ ನದಿಗೆ ಭೇಟಿ ನೀಡಿ ನದಿಯ

ಮಾಲಿನ್ಯದ ಬಗ್ಗೆ ಸದಸ್ಯರಿಂದ ವ್ಯಕ್ತವಾದ ಸಲಹೆ ಮತ್ತು ಅಭಿಪ್ರಾಯಗಳನ್ನು ಪಡೆದಿರುತ್ತದೆ. ಕಾವೇರಿ ನದಿಯ ವ್ಯಾಪ್ತಿಯಲ್ಲಿ ಬರುವ ಕರ್ನಾಟಕ ರಾಜ್ಯ ಮಾಲಿನ್ಯ ನಿಯಂತ್ರಣ ಮಂಡಳಿಯ ಪ್ರಾದೇಶಿಕ ಕಚೇರಿಗಳ ಅಧಿಕಾರಿಗಳಿಂದ ಮಾಹಿತಿ ವಿವರಗಳನ್ನು ಸಮಿತಿಯು ಪಡೆದು ಭಾಗೀದಾರರೊಂದಿಗೆ

ಸಮಾಲೋಚನೆಗಳನ್ನು ನಡೆಸಿರುತ್ತದೆ. ತಜ್ಞರ ಸಮಿತಿಯು ಪರಸ್ಪರ ಪರ್ಯಾಲೋಚನೆ ನಡೆಸಿದ ತರುವಾಯ ಸದಸ್ಯರಿಂದ ವ್ಯಕ್ತವಾದ ಸಲಹೆ ಮತ್ತು ಅಭಿಪ್ರಾಯಗಳನ್ನು ಪರಿಶೀಲಿಸಿ ಹಾಗೂ ಪ್ರಾದೇಶಿಕ ಅಧಿಕಾರಿಗಳಿಂದ ಪಡೆದ ಮಾಹಿತಿಯನ್ನು ಪರಾಮರ್ಶಿಸಿ ಅಧ್ಯಯನ ನಡೆಸಿ ವಿವರವಾದ ವರದಿ ತಯಾರಿಸಿರುತ್ತದೆ.

ತಜ್ಞರ ಸಮಿತಿಯು ಈಗಾಗಲೇ ಕರ್ನಾಟಕ ರಾಜ್ಯ ಮಾಲಿನ್ಯ ನಿಯಂತ್ರಣ ಮಂಡಳಿಯ ಮೂಲಕ ಸರ್ಕಾರಕ್ಕೆ ವರದಿಯನ್ನು ಸಲ್ಲಿಸಿರುತ್ತದೆ. ಈ ವರದಿಯನ್ವಯ ನದಿಯ ರಕ್ಷಣೆಗಾಗಿ ಸರ್ಕಾರ ಮುಂಜಾಗ್ರತಾ ಕ್ರಮಗಳನ್ನು ತೆಗೆದುಕೊಳ್ಳುವ ನಿಟ್ಟಿನಲ್ಲಿ, ಕಾವೇರಿ ನದಿ ನೀರಿನ ಮಾಲಿನ್ಯ ನಿಯಂತ್ರಿಸಲು ಹಾಗೂ ತಡೆಯಲು

ತಾಂತ್ರಿಕ ಸಮಿತಿಯು ನೀಡಿರುವ ವರದಿಯಲ್ಲಿ ಪ್ರಸ್ತಾಪಿಸಲಾಗಿರುವ ಅಲ್ಪಾವಧಿ ಮತ್ತು ದೀರ್ಘಾವಧಿ ಕ್ರಿಯಾಯೋಜನೆಗಳ ಬಗ್ಗೆ ಹಾಗೂ ಮಾಡಲಾಗಿರುವ ಅವಲೋಕನಗಳು, ಶಿಫಾರಸ್ಸುಗಳು ಹಾಗೂ ನೀಡಿರುವ ಸಲಹೆ ಮತ್ತು ಮಾರ್ಗೋಪಾಯಗಳ ಬಗ್ಗೆ ಭಾಗೀದಾರ ಇಲಾಖೆಗಳಾದ ಕರ್ನಾಟಕ ನೀರು ಸರಬರಾಜು ಹಾಗೂ ಒಳಚರಂಡಿ ಮಂಡಳಿ, ಪೌರಾಡಳಿತ ನಿರ್ದೇಶನಾಲಯ, ಕಾವೇರಿ ನೀರಾವರಿ ನಿಗಮ ನಿಯಮಿತ, ಗ್ರಾಮೀಣ ಅಭಿವೃದ್ಧಿ ಹಾಗೂ ಪಂಚಾಯತ್ ರಾಜ್ ಇಲಾಖೆ, ಕಂದಾಯ ಇಲಾಖೆಯ ಪ್ರಾದೇಶಿಕ ಆಯುಕ್ತರು, ಜಲ ಸಂಪನ್ಮೂಲ ಇಲಾಖೆಗಳ ಮತ್ತು ಕರ್ನಾಟಕ ರಾಜ್ಯ ಮಾಲಿನ್ಯ ನಿಯಂತ್ರಣ ಮಂಡಳಿಯ ಮುಖ್ಯಸ್ಥರುಗಳು ಹಾಗೂ ಹಿರಿಯ ಅಧಿಕಾರಿಗಳೊಂದಿಗೆ ಸಭೆ ನಡೆಸಿ ಪರ್ಯಾಲೋಚಿಸಿ ಮಾಲಿನ್ಯ ತಡೆಗೆ ಸಮಗ್ರ ಕಾರ್ಯನೀತಿಯನ್ನು ರೂಪಿಸಲಾಗುತ್ತದೆ ಎಂದು ಸಚಿವರಾದ ಈಶ್ವರ ಖಂಡ್ರೆ ಅವರು ತಿಳಿಸಿದರು.
